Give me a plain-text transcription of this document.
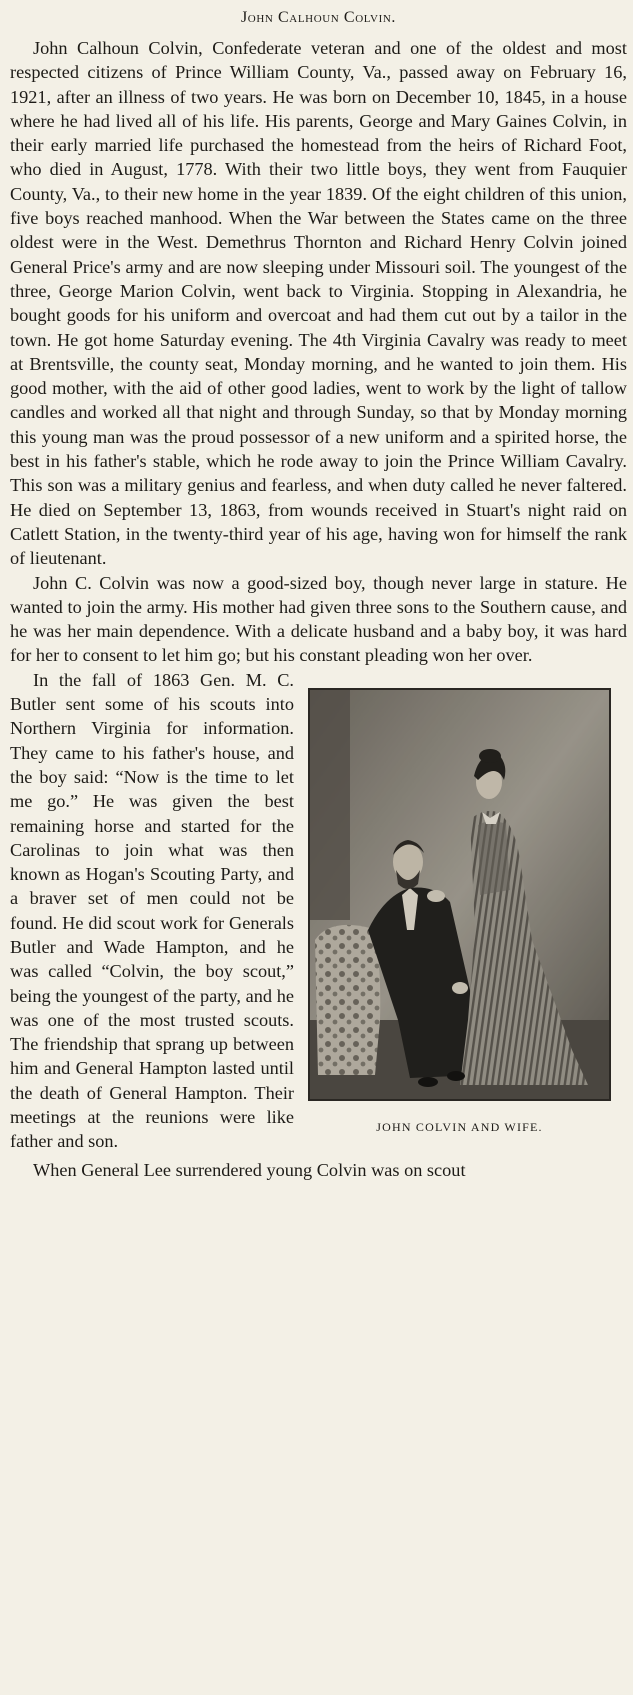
John Calhoun Colvin.

John Calhoun Colvin, Confederate veteran and one of the oldest and most respected citizens of Prince William County, Va., passed away on February 16, 1921, after an illness of two years. He was born on December 10, 1845, in a house where he had lived all of his life. His parents, George and Mary Gaines Colvin, in their early married life purchased the homestead from the heirs of Richard Foot, who died in August, 1778. With their two little boys, they went from Fauquier County, Va., to their new home in the year 1839. Of the eight children of this union, five boys reached manhood. When the War between the States came on the three oldest were in the West. Demethrus Thornton and Richard Henry Colvin joined General Price's army and are now sleeping under Missouri soil. The youngest of the three, George Marion Colvin, went back to Virginia. Stopping in Alexandria, he bought goods for his uniform and overcoat and had them cut out by a tailor in the town. He got home Saturday evening. The 4th Virginia Cavalry was ready to meet at Brentsville, the county seat, Monday morning, and he wanted to join them. His good mother, with the aid of other good ladies, went to work by the light of tallow candles and worked all that night and through Sunday, so that by Monday morning this young man was the proud possessor of a new uniform and a spirited horse, the best in his father's stable, which he rode away to join the Prince William Cavalry. This son was a military genius and fearless, and when duty called he never faltered. He died on September 13, 1863, from wounds received in Stuart's night raid on Catlett Station, in the twenty-third year of his age, having won for himself the rank of lieutenant.

John C. Colvin was now a good-sized boy, though never large in stature. He wanted to join the army. His mother had given three sons to the Southern cause, and he was her main dependence. With a delicate husband and a baby boy, it was hard for her to consent to let him go; but his constant pleading won her over.

JOHN COLVIN AND WIFE.

In the fall of 1863 Gen. M. C. Butler sent some of his scouts into Northern Virginia for information. They came to his father's house, and the boy said: “Now is the time to let me go.” He was given the best remaining horse and started for the Carolinas to join what was then known as Hogan's Scouting Party, and a braver set of men could not be found. He did scout work for Generals Butler and Wade Hampton, and he was called “Colvin, the boy scout,” being the youngest of the party, and he was one of the most trusted scouts. The friendship that sprang up between him and General Hampton lasted until the death of General Hampton. Their meetings at the reunions were like father and son.

When General Lee surrendered young Colvin was on scout
